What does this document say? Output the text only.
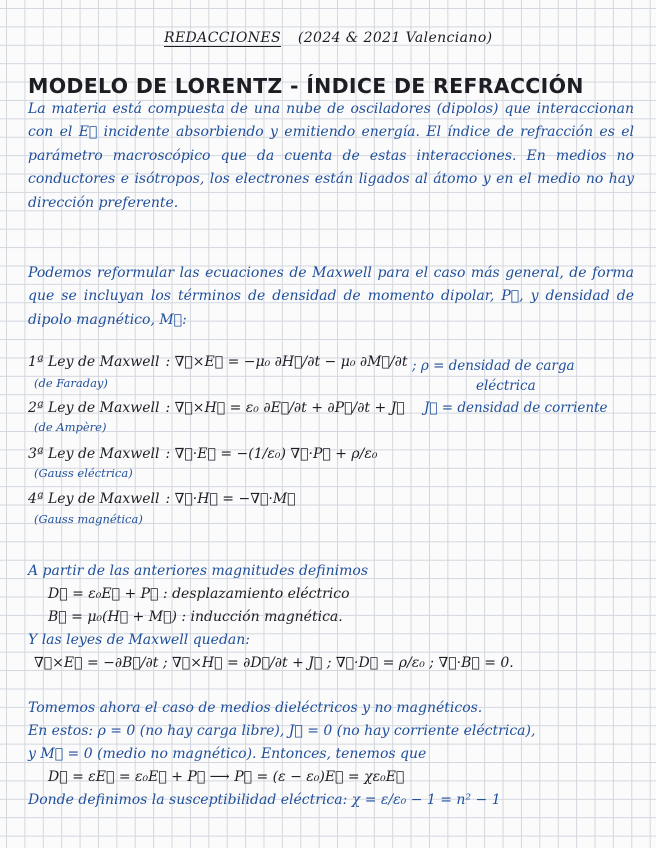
REDACCIONES (2024 & 2021 Valenciano)
MODELO DE LORENTZ - ÍNDICE DE REFRACCIÓN
La materia está compuesta de una nube de osciladores (dipolos) que interaccionan con el E⃗ incidente absorbiendo y emitiendo energía. El índice de refracción es el parámetro macroscópico que da cuenta de estas interacciones. En medios no conductores e isótropos, los electrones están ligados al átomo y en el medio no hay dirección preferente.
Podemos reformular las ecuaciones de Maxwell para el caso más general, de forma que se incluyan los términos de densidad de momento dipolar, P⃗, y densidad de dipolo magnético, M⃗:
1ª Ley de Maxwell : ∇⃗×E⃗ = −μ₀ ∂H⃗/∂t − μ₀ ∂M⃗/∂t
(de Faraday)
2ª Ley de Maxwell : ∇⃗×H⃗ = ε₀ ∂E⃗/∂t + ∂P⃗/∂t + J⃗
(de Ampère)
3ª Ley de Maxwell : ∇⃗·E⃗ = −(1/ε₀) ∇⃗·P⃗ + ρ/ε₀
(Gauss eléctrica)
4ª Ley de Maxwell : ∇⃗·H⃗ = −∇⃗·M⃗
(Gauss magnética)
; ρ = densidad de carga
eléctrica
J⃗ = densidad de corriente
A partir de las anteriores magnitudes definimos
D⃗ = ε₀E⃗ + P⃗ : desplazamiento eléctrico
B⃗ = μ₀(H⃗ + M⃗) : inducción magnética.
Y las leyes de Maxwell quedan:
∇⃗×E⃗ = −∂B⃗/∂t ; ∇⃗×H⃗ = ∂D⃗/∂t + J⃗ ; ∇⃗·D⃗ = ρ/ε₀ ; ∇⃗·B⃗ = 0.
Tomemos ahora el caso de medios dieléctricos y no magnéticos.
En estos: ρ = 0 (no hay carga libre), J⃗ = 0 (no hay corriente eléctrica),
y M⃗ = 0 (medio no magnético). Entonces, tenemos que
D⃗ = εE⃗ = ε₀E⃗ + P⃗ ⟶ P⃗ = (ε − ε₀)E⃗ = χε₀E⃗
Donde definimos la susceptibilidad eléctrica: χ = ε/ε₀ − 1 = n² − 1
